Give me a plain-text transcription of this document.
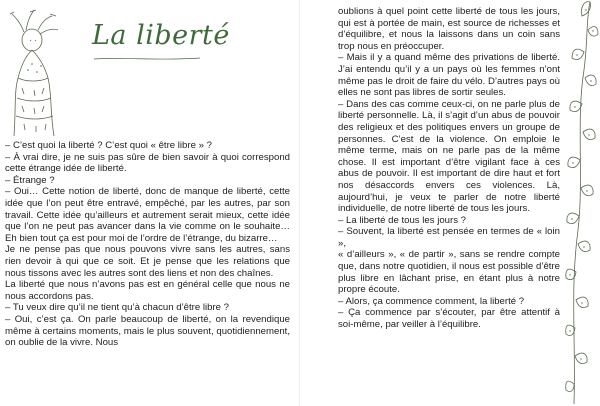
La liberté

– C’est quoi la liberté ? C’est quoi « être libre » ?

– À vrai dire, je ne suis pas sûre de bien savoir à quoi correspond cette étrange idée de liberté.

– Étrange ?

– Oui… Cette notion de liberté, donc de manque de liberté, cette idée que l’on peut être entravé, empêché, par les autres, par son travail. Cette idée qu’ailleurs et autrement serait mieux, cette idée que l’on ne peut pas avancer dans la vie comme on le souhaite… Eh bien tout ça est pour moi de l’ordre de l’étrange, du bizarre…

Je ne pense pas que nous pouvons vivre sans les autres, sans rien devoir à qui que ce soit. Et je pense que les relations que nous tissons avec les autres sont des liens et non des chaînes.

La liberté que nous n’avons pas est en général celle que nous ne nous accordons pas.

– Tu veux dire qu’il ne tient qu’à chacun d’être libre ?

– Oui, c’est ça. On parle beaucoup de liberté, on la revendique même à certains moments, mais le plus souvent, quotidiennement, on oublie de la vivre. Nous

oublions à quel point cette liberté de tous les jours, qui est à portée de main, est source de richesses et d’équilibre, et nous la laissons dans un coin sans trop nous en préoccuper.

– Mais il y a quand même des privations de liberté. J’ai entendu qu’il y a un pays où les femmes n’ont même pas le droit de faire du vélo. D’autres pays où elles ne sont pas libres de sortir seules.

– Dans des cas comme ceux-ci, on ne parle plus de liberté personnelle. Là, il s’agit d’un abus de pouvoir des religieux et des politiques envers un groupe de personnes. C’est de la violence. On emploie le même terme, mais on ne parle pas de la même chose. Il est important d’être vigilant face à ces abus de pouvoir. Il est important de dire haut et fort nos désaccords envers ces violences. Là, aujourd’hui, je veux te parler de notre liberté individuelle, de notre liberté de tous les jours.

– La liberté de tous les jours ?

– Souvent, la liberté est pensée en termes de « loin »,

« d’ailleurs », « de partir », sans se rendre compte que, dans notre quotidien, il nous est possible d’être plus libre en lâchant prise, en étant plus à notre propre écoute.

– Alors, ça commence comment, la liberté ?

– Ça commence par s’écouter, par être attentif à soi-même, par veiller à l’équilibre.
